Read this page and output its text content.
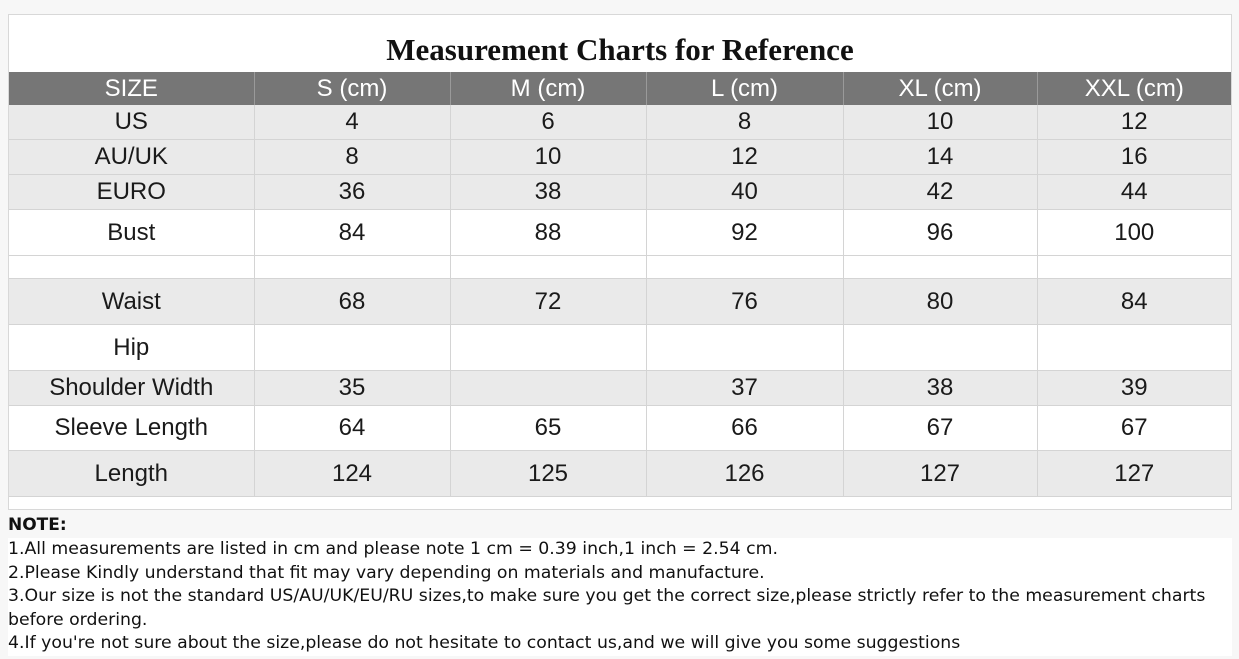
Measurement Charts for Reference
SIZE	S (cm)	M (cm)	L (cm)	XL (cm)	XXL (cm)
US	4	6	8	10	12
AU/UK	8	10	12	14	16
EURO	36	38	40	42	44
Bust	84	88	92	96	100

Waist	68	72	76	80	84
Hip					
Shoulder Width	35		37	38	39
Sleeve Length	64	65	66	67	67
Length	124	125	126	127	127
NOTE:

1.All measurements are listed in cm and please note 1 cm = 0.39 inch,1 inch = 2.54 cm.

2.Please Kindly understand that fit may vary depending on materials and manufacture.

3.Our size is not the standard US/AU/UK/EU/RU sizes,to make sure you get the correct size,please strictly refer to the measurement charts before ordering.

4.If you're not sure about the size,please do not hesitate to contact us,and we will give you some suggestions
